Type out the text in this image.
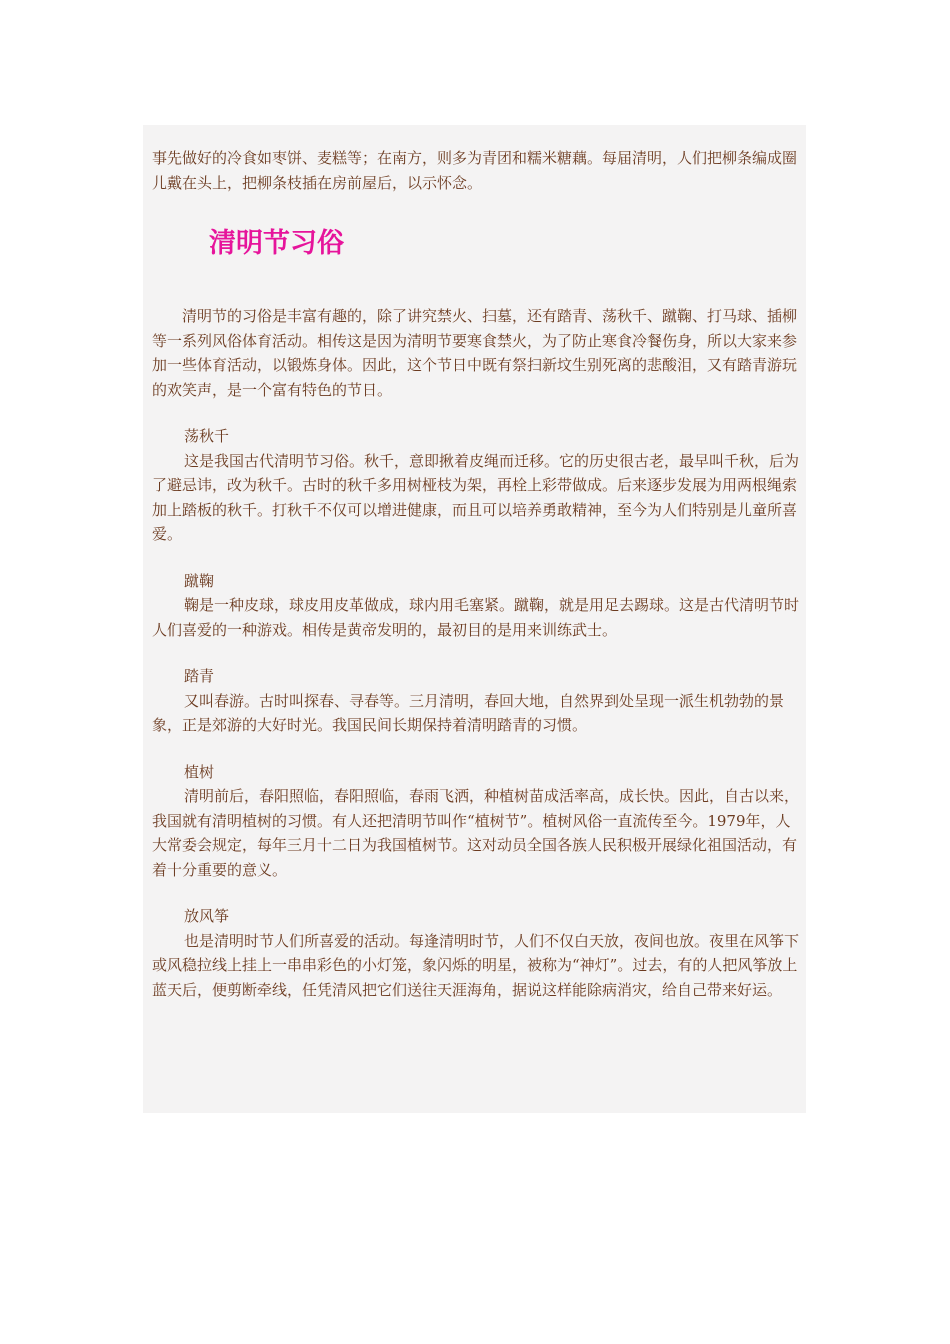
事先做好的冷食如枣饼、麦糕等；在南方，则多为青团和糯米糖藕。每届清明，人们把柳条编成圈儿戴在头上，把柳条枝插在房前屋后，以示怀念。

清明节习俗

清明节的习俗是丰富有趣的，除了讲究禁火、扫墓，还有踏青、荡秋千、蹴鞠、打马球、插柳等一系列风俗体育活动。相传这是因为清明节要寒食禁火，为了防止寒食冷餐伤身，所以大家来参加一些体育活动，以锻炼身体。因此，这个节日中既有祭扫新坟生别死离的悲酸泪，又有踏青游玩的欢笑声，是一个富有特色的节日。

荡秋千

这是我国古代清明节习俗。秋千，意即揪着皮绳而迁移。它的历史很古老，最早叫千秋，后为了避忌讳，改为秋千。古时的秋千多用树桠枝为架，再栓上彩带做成。后来逐步发展为用两根绳索加上踏板的秋千。打秋千不仅可以增进健康，而且可以培养勇敢精神，至今为人们特别是儿童所喜爱。

蹴鞠

鞠是一种皮球，球皮用皮革做成，球内用毛塞紧。蹴鞠，就是用足去踢球。这是古代清明节时人们喜爱的一种游戏。相传是黄帝发明的，最初目的是用来训练武士。

踏青

又叫春游。古时叫探春、寻春等。三月清明，春回大地，自然界到处呈现一派生机勃勃的景象，正是郊游的大好时光。我国民间长期保持着清明踏青的习惯。

植树

清明前后，春阳照临，春阳照临，春雨飞洒，种植树苗成活率高，成长快。因此，自古以来，我国就有清明植树的习惯。有人还把清明节叫作“植树节”。植树风俗一直流传至今。1979年，人大常委会规定，每年三月十二日为我国植树节。这对动员全国各族人民积极开展绿化祖国活动，有着十分重要的意义。

放风筝

也是清明时节人们所喜爱的活动。每逢清明时节，人们不仅白天放，夜间也放。夜里在风筝下或风稳拉线上挂上一串串彩色的小灯笼，象闪烁的明星，被称为“神灯”。过去，有的人把风筝放上蓝天后，便剪断牵线，任凭清风把它们送往天涯海角，据说这样能除病消灾，给自己带来好运。
